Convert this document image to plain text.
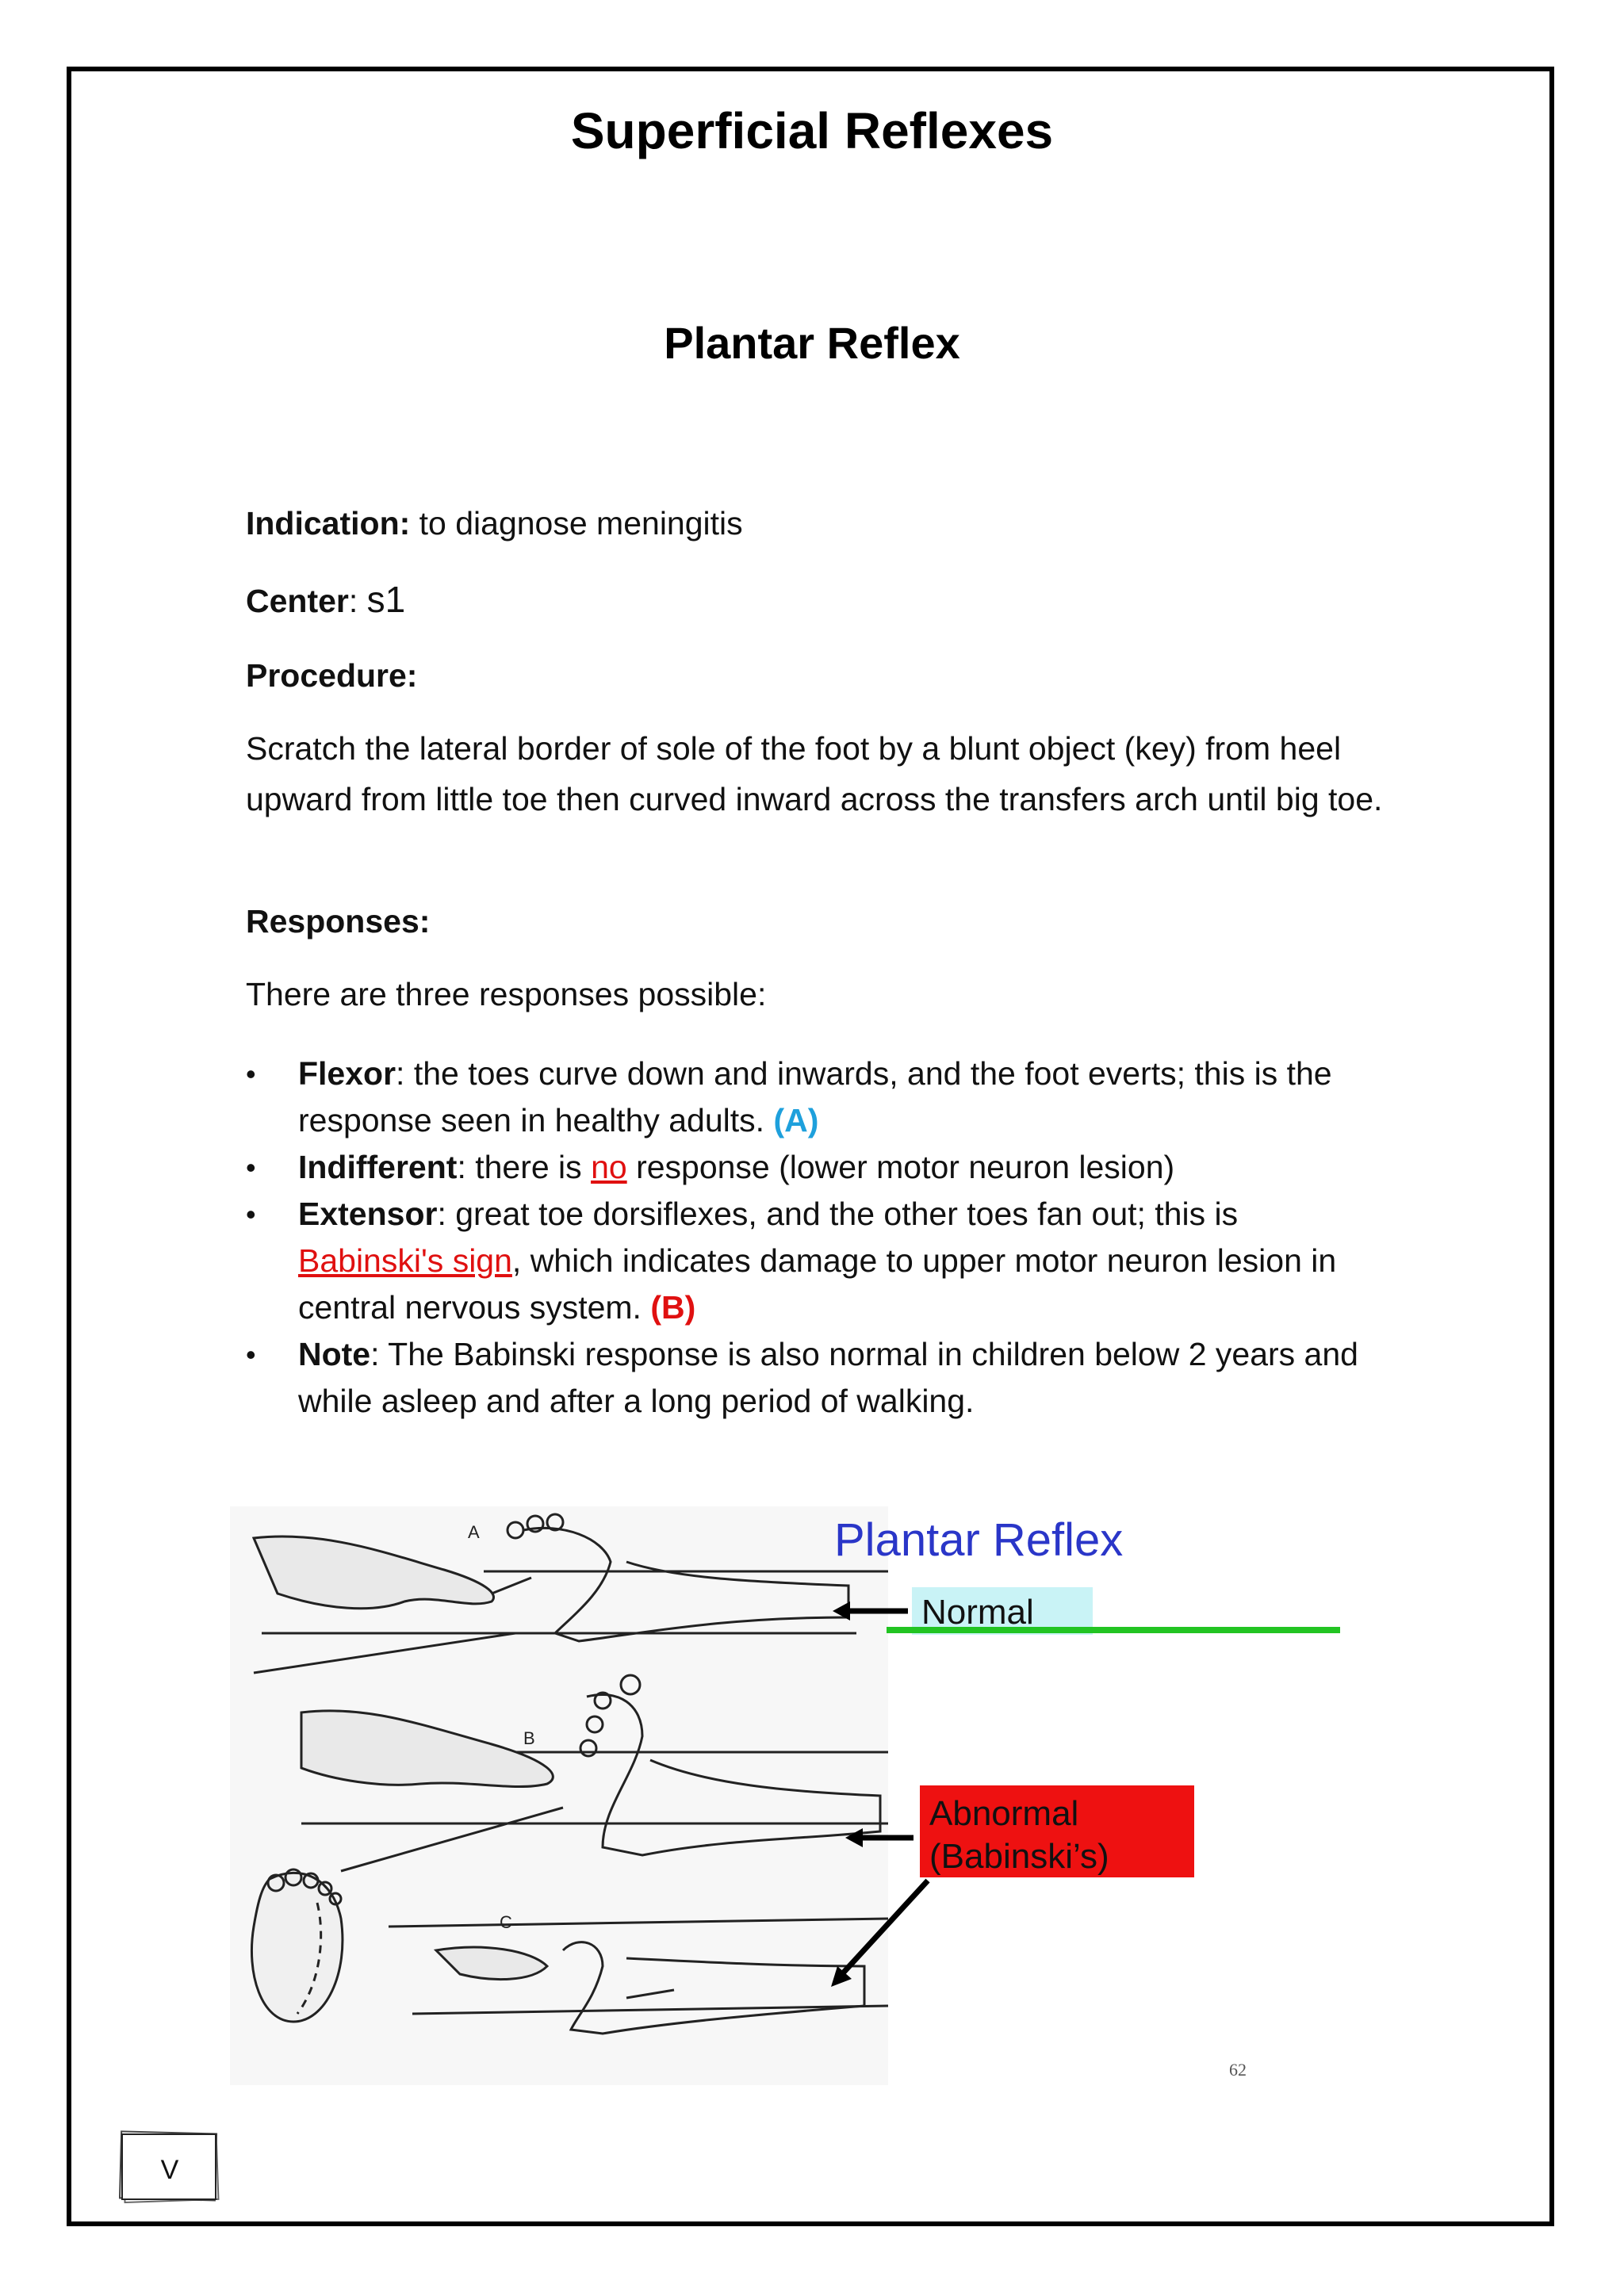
Superficial Reflexes
Plantar Reflex
Indication: to diagnose meningitis
Center: s1
Procedure:
Scratch the lateral border of sole of the foot by a blunt object (key) from heel upward from little toe then curved inward across the transfers arch until big toe.
Responses:
There are three responses possible:
• Flexor: the toes curve down and inwards, and the foot everts; this is the response seen in healthy adults. (A)
• Indifferent: there is no response (lower motor neuron lesion)
• Extensor: great toe dorsiflexes, and the other toes fan out; this is Babinski's sign, which indicates damage to upper motor neuron lesion in central nervous system. (B)
• Note: The Babinski response is also normal in children below 2 years and while asleep and after a long period of walking.
A
B
C
Plantar Reflex
Normal
Abnormal
(Babinski’s)
62
V
